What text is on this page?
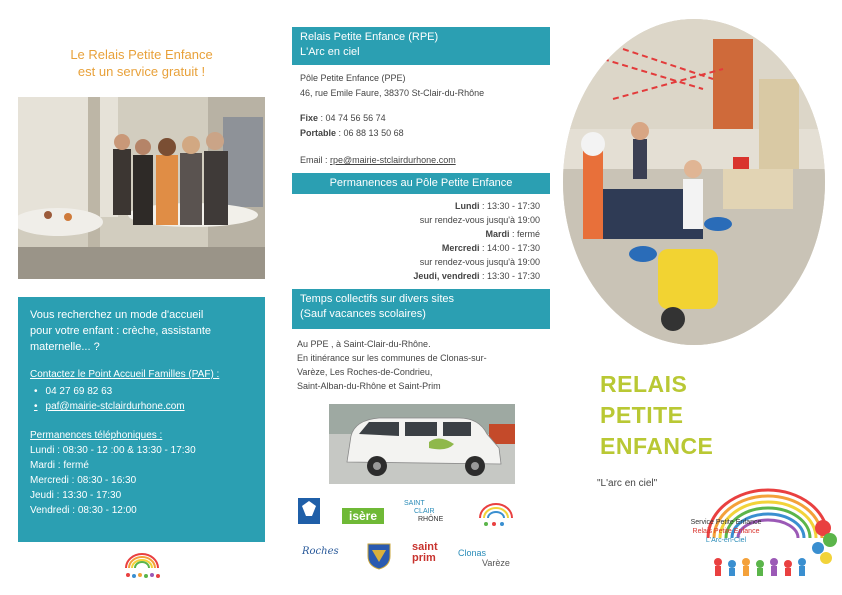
Le Relais Petite Enfance
est un service gratuit !
Vous recherchez un mode d'accueil
pour votre enfant : crèche, assistante
maternelle... ?
Contactez le Point Accueil Familles (PAF) :
• 04 27 69 82 63
• paf@mairie-stclairdurhone.com
Permanences téléphoniques :
Lundi : 08:30 - 12 :00 & 13:30 - 17:30
Mardi : fermé
Mercredi : 08:30 - 16:30
Jeudi : 13:30 - 17:30
Vendredi : 08:30 - 12:00
Relais Petite Enfance (RPE)
L'Arc en ciel
Pôle Petite Enfance (PPE)
46, rue Emile Faure, 38370 St-Clair-du-Rhône
Fixe : 04 74 56 56 74
Portable : 06 88 13 50 68
Email : rpe@mairie-stclairdurhone.com
Permanences au Pôle Petite Enfance
Lundi : 13:30 - 17:30
sur rendez-vous jusqu'à 19:00
Mardi : fermé
Mercredi : 14:00 - 17:30
sur rendez-vous jusqu'à 19:00
Jeudi, vendredi : 13:30 - 17:30
Temps collectifs sur divers sites
(Sauf vacances scolaires)
Au PPE , à Saint-Clair-du-Rhône.
En itinérance sur les communes de Clonas-sur-
Varèze, Les Roches-de-Condrieu,
Saint-Alban-du-Rhône et Saint-Prim
isère
SAINT
CLAIR
RHÔNE
Roches	saint
prim Clonas
Varèze
RELAIS
PETITE
ENFANCE
"L'arc en ciel"
Service Petite Enfance
Relais Petite Enfance
L'Arc-en-Ciel
